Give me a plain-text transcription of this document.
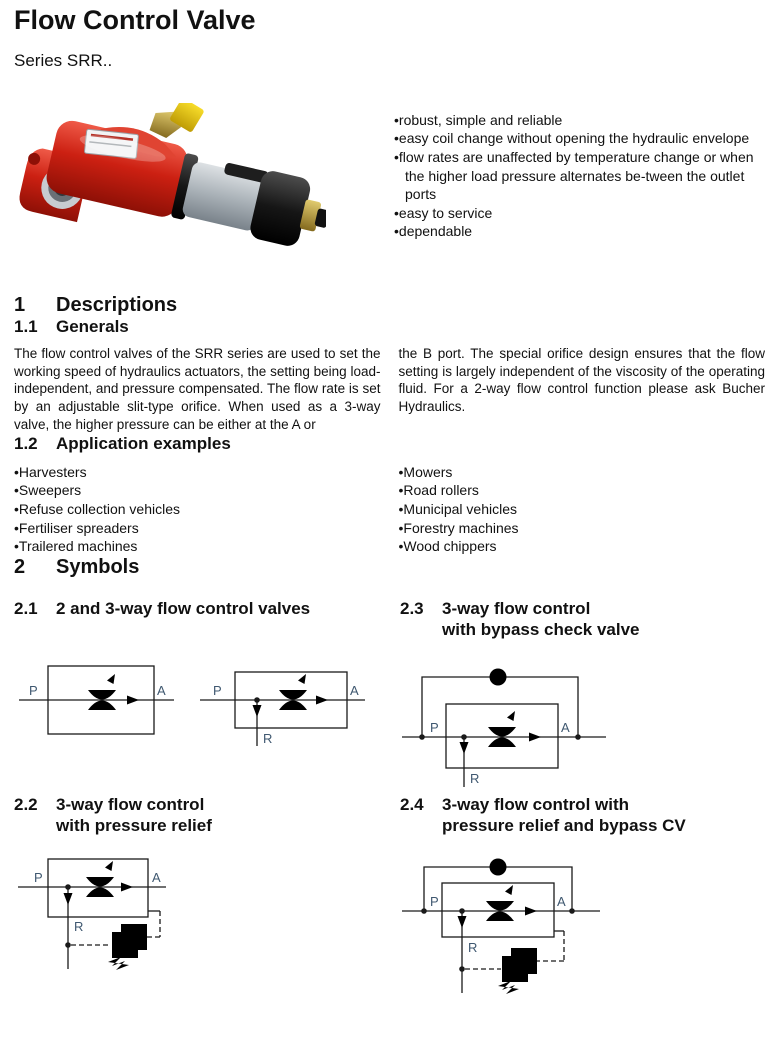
Flow Control Valve
Series SRR..
• robust, simple and reliable
• easy coil change without opening the hydraulic envelope
• flow rates are unaffected by temperature change or when the higher load pressure alternates be-tween the outlet ports
• easy to service
• dependable
1	Descriptions
1.1	Generals
The flow control valves of the SRR series are used to set the working speed of hydraulics actuators, the setting being load-independent, and pressure compensated. The flow rate is set by an adjustable slit-type orifice. When used as a 3-way valve, the higher pressure can be either at the A or
the B port. The special orifice design ensures that the flow setting is largely independent of the viscosity of the operating fluid. For a 2-way flow control function please ask Bucher Hydraulics.
1.2	Application examples
• Harvesters
• Sweepers
• Refuse collection vehicles
• Fertiliser spreaders
• Trailered machines
• Mowers
• Road rollers
• Municipal vehicles
• Forestry machines
• Wood chippers
2	Symbols
2.1	2 and 3-way flow control valves	2.3	3-way flow control
with bypass check valve
P	A	P	A
R
P	A
R
2.2	3-way flow control
with pressure relief
2.4	3-way flow control with
pressure relief and bypass CV
P	A
R
P	A
R
